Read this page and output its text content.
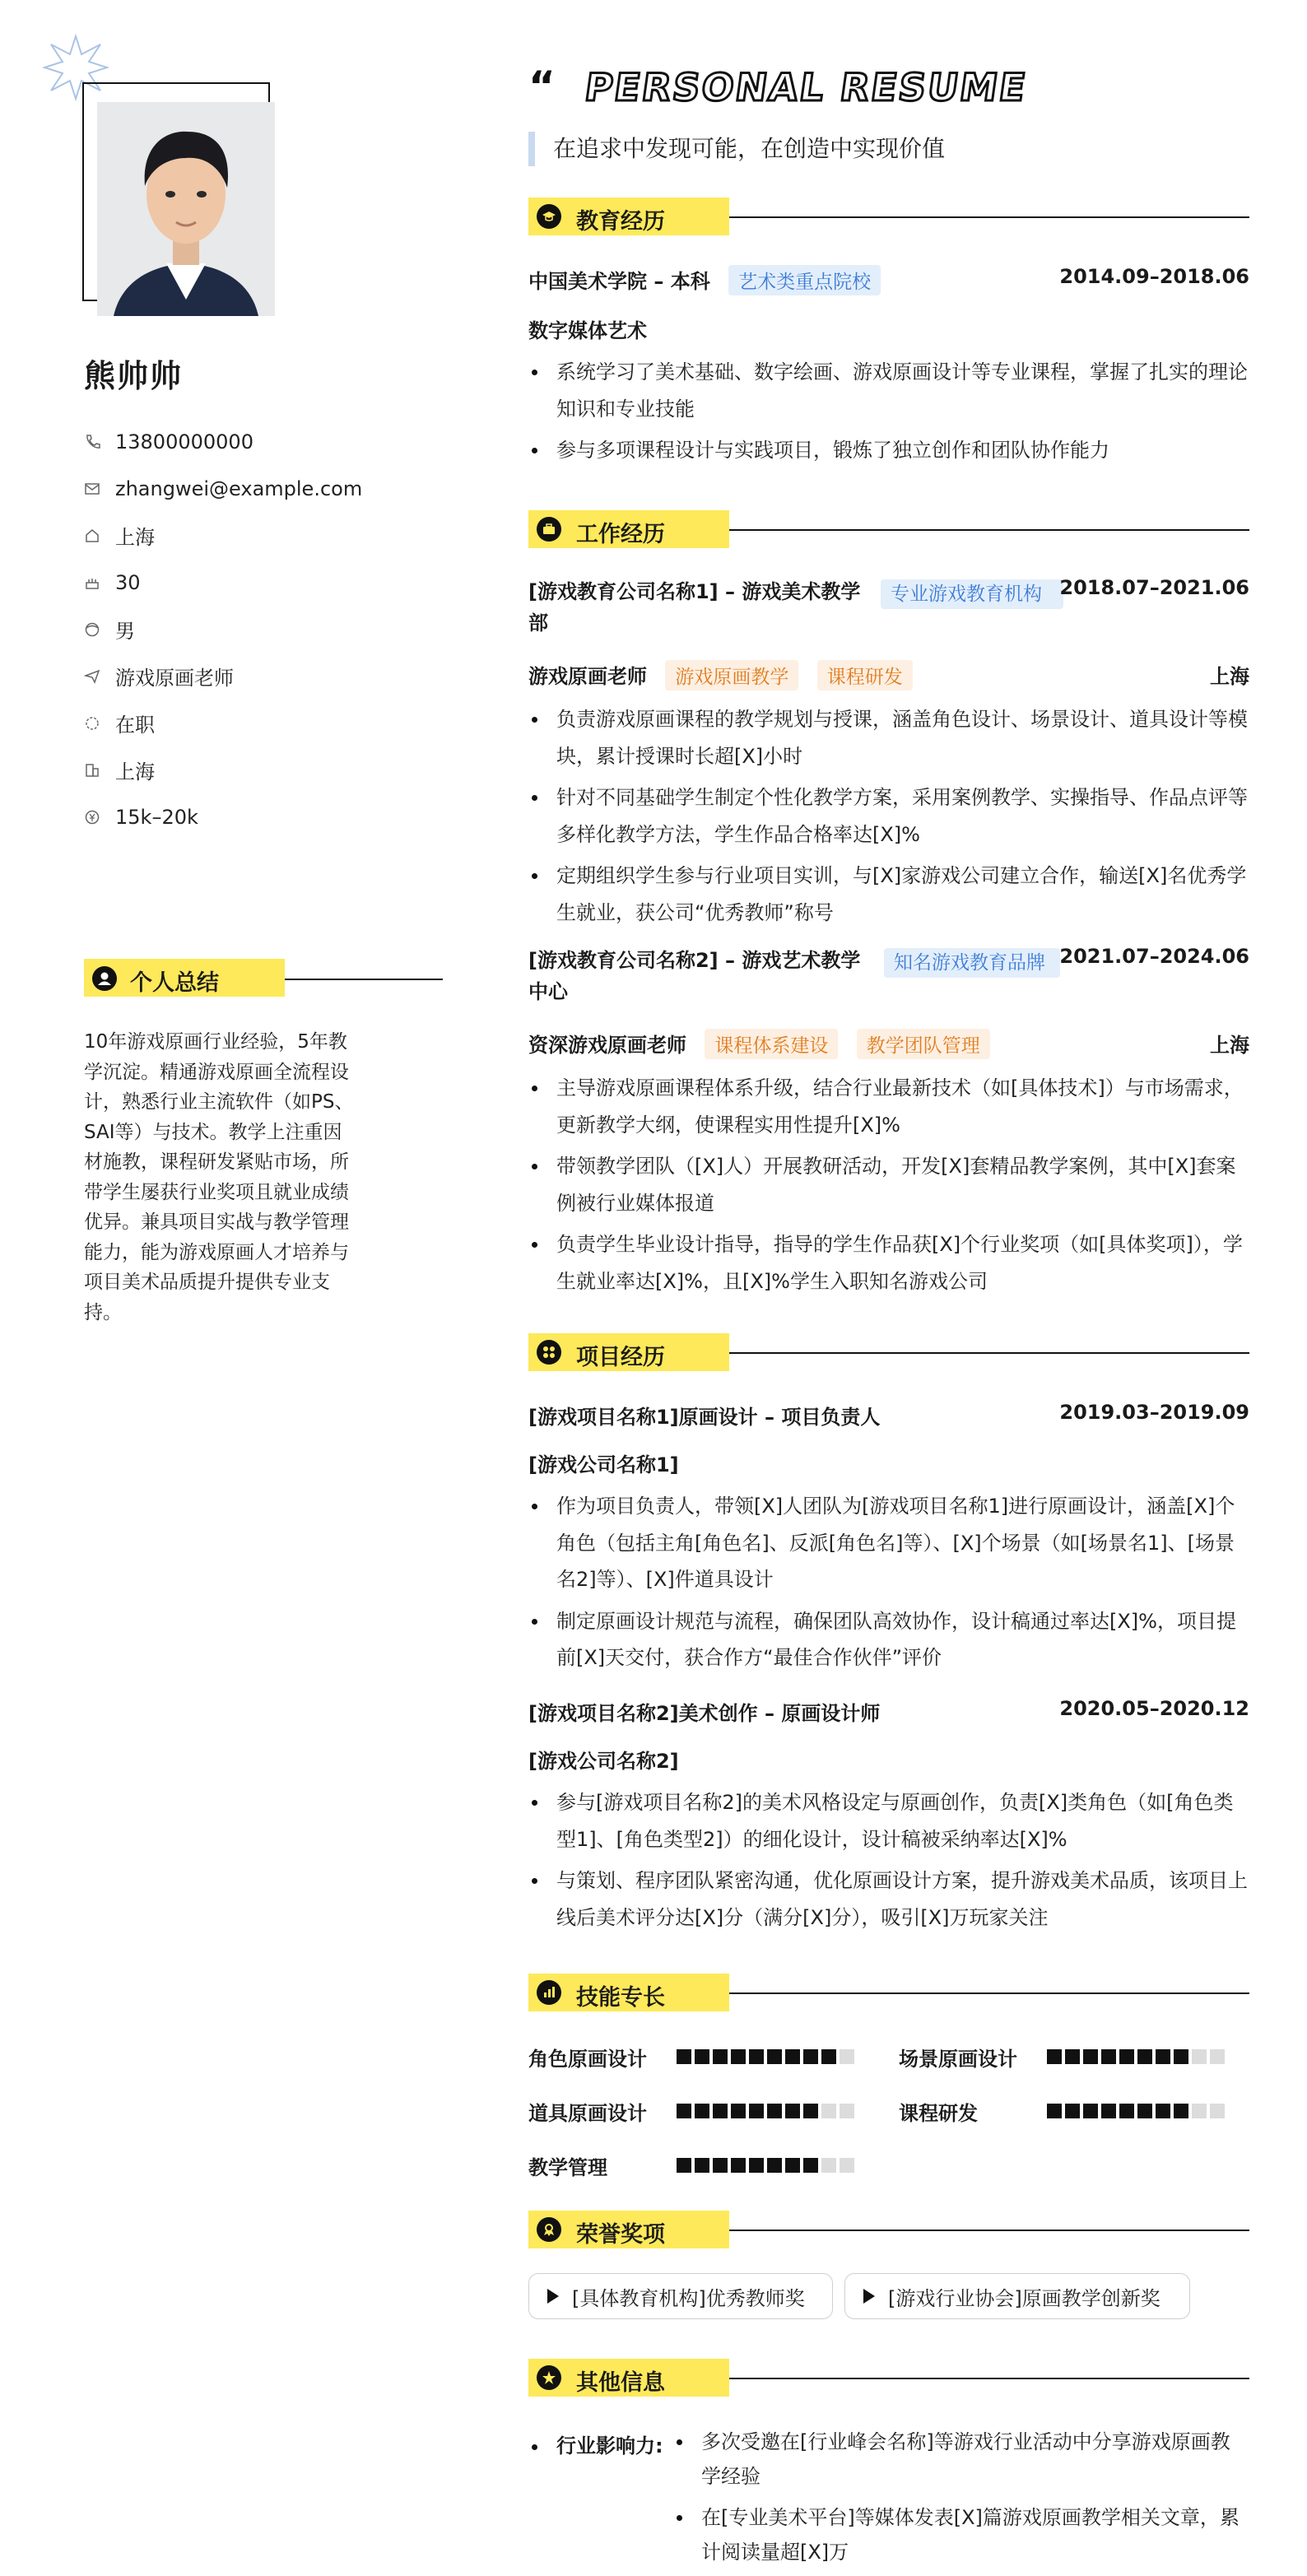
熊帅帅
13800000000
zhangwei@example.com
上海
30
男
游戏原画老师
在职
上海
15k–20k
个人总结
10年游戏原画行业经验，5年教学沉淀。精通游戏原画全流程设计，熟悉行业主流软件（如PS、SAI等）与技术。教学上注重因材施教，课程研发紧贴市场，所带学生屡获行业奖项且就业成绩优异。兼具项目实战与教学管理能力，能为游戏原画人才培养与项目美术品质提升提供专业支持。
“ PERSONAL RESUME
在追求中发现可能，在创造中实现价值
教育经历
中国美术学院 – 本科 艺术类重点院校	2014.09–2018.06
数字媒体艺术
系统学习了美术基础、数字绘画、游戏原画设计等专业课程，掌握了扎实的理论知识和专业技能
参与多项课程设计与实践项目，锻炼了独立创作和团队协作能力
工作经历
[游戏教育公司名称1] – 游戏美术教学部
专业游戏教育机构 2018.07–2021.06
游戏原画老师 游戏原画教学 课程研发	上海
负责游戏原画课程的教学规划与授课，涵盖角色设计、场景设计、道具设计等模块，累计授课时长超[X]小时
针对不同基础学生制定个性化教学方案，采用案例教学、实操指导、作品点评等多样化教学方法，学生作品合格率达[X]%
定期组织学生参与行业项目实训，与[X]家游戏公司建立合作，输送[X]名优秀学生就业，获公司“优秀教师”称号
[游戏教育公司名称2] – 游戏艺术教学中心
知名游戏教育品牌 2021.07–2024.06
资深游戏原画老师 课程体系建设 教学团队管理	上海
主导游戏原画课程体系升级，结合行业最新技术（如[具体技术]）与市场需求，更新教学大纲，使课程实用性提升[X]%
带领教学团队（[X]人）开展教研活动，开发[X]套精品教学案例，其中[X]套案例被行业媒体报道
负责学生毕业设计指导，指导的学生作品获[X]个行业奖项（如[具体奖项]），学生就业率达[X]%，且[X]%学生入职知名游戏公司
项目经历
[游戏项目名称1]原画设计 – 项目负责人	2019.03–2019.09
[游戏公司名称1]
作为项目负责人，带领[X]人团队为[游戏项目名称1]进行原画设计，涵盖[X]个角色（包括主角[角色名]、反派[角色名]等）、[X]个场景（如[场景名1]、[场景名2]等）、[X]件道具设计
制定原画设计规范与流程，确保团队高效协作，设计稿通过率达[X]%，项目提前[X]天交付，获合作方“最佳合作伙伴”评价
[游戏项目名称2]美术创作 – 原画设计师	2020.05–2020.12
[游戏公司名称2]
参与[游戏项目名称2]的美术风格设定与原画创作，负责[X]类角色（如[角色类型1]、[角色类型2]）的细化设计，设计稿被采纳率达[X]%
与策划、程序团队紧密沟通，优化原画设计方案，提升游戏美术品质，该项目上线后美术评分达[X]分（满分[X]分），吸引[X]万玩家关注
技能专长
角色原画设计	场景原画设计
道具原画设计	课程研发
教学管理
荣誉奖项
[具体教育机构]优秀教师奖	[游戏行业协会]原画教学创新奖
其他信息
行业影响力:	多次受邀在[行业峰会名称]等游戏行业活动中分享游戏原画教学经验
在[专业美术平台]等媒体发表[X]篇游戏原画教学相关文章，累计阅读量超[X]万
